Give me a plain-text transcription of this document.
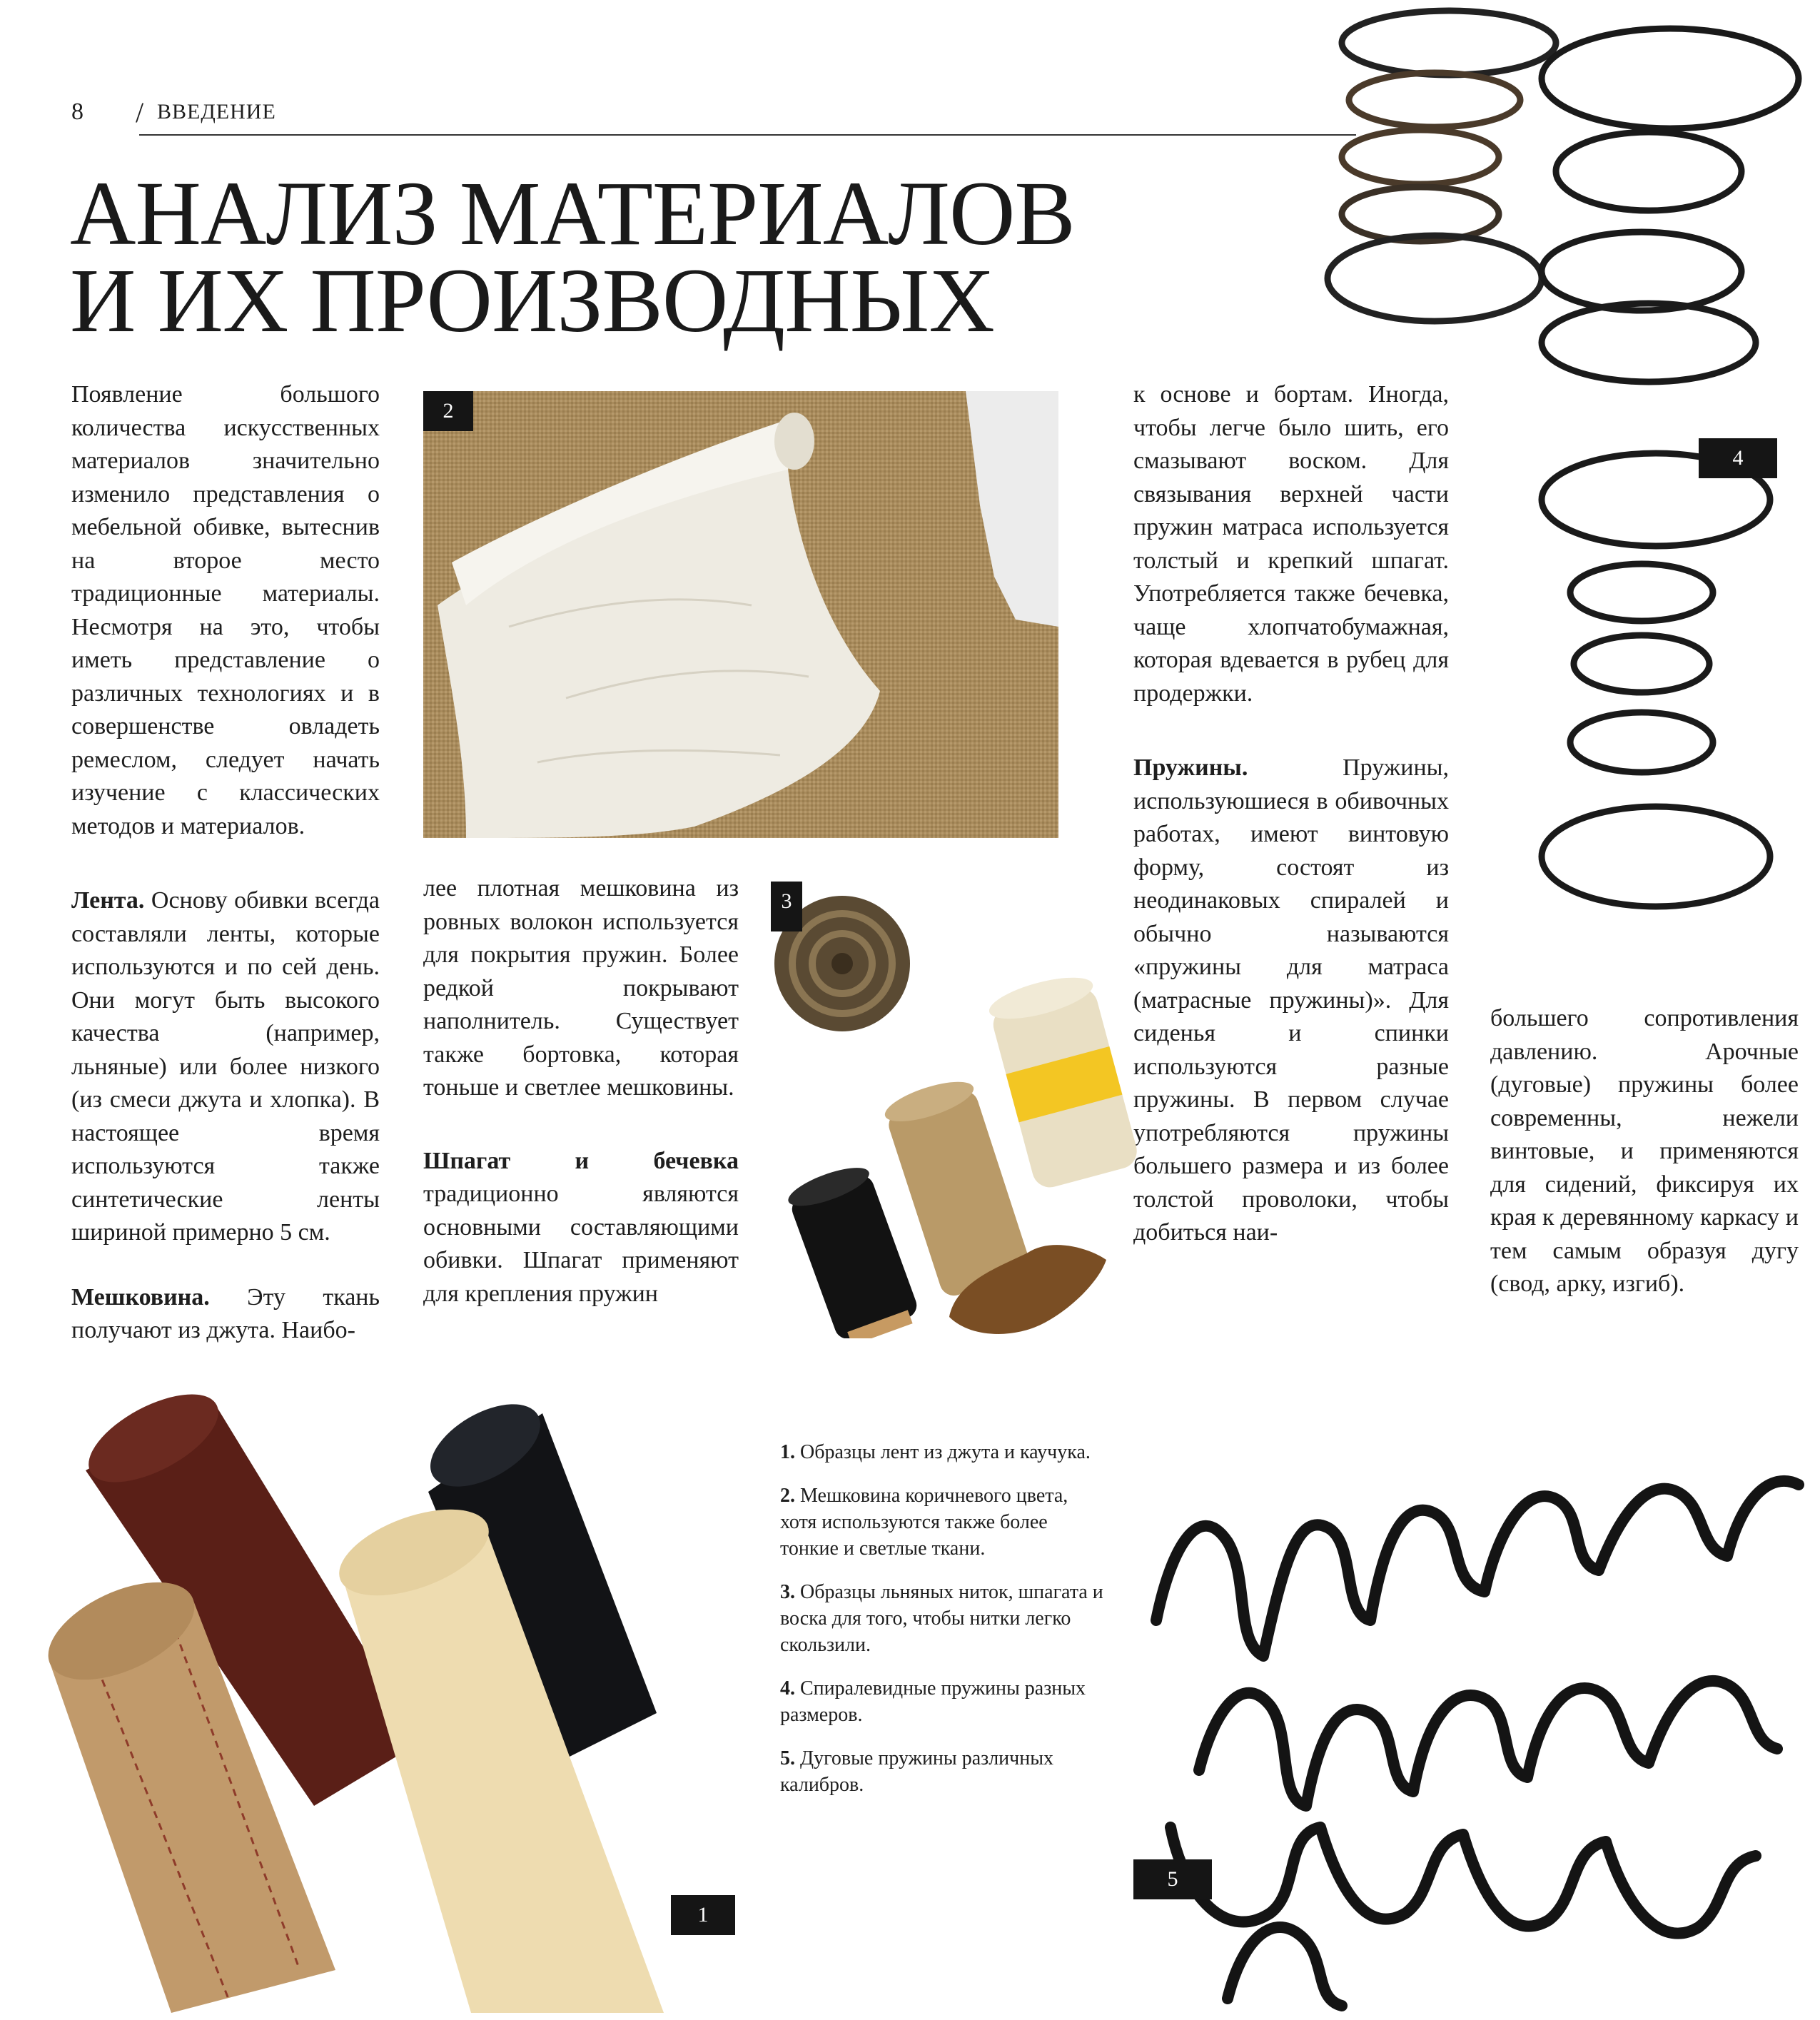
8 / ВВЕДЕНИЕ
АНАЛИЗ МАТЕРИАЛОВ
И ИХ ПРОИЗВОДНЫХ

Появление большого количества искусственных материалов значительно изменило представления о мебельной обивке, вытеснив на второе место традиционные материалы. Несмотря на это, чтобы иметь представление о различных технологиях и в совершенстве овладеть ремеслом, следует начать изучение с классических методов и материалов.

Лента. Основу обивки всегда составляли ленты, которые используются и по сей день. Они могут быть высокого качества (например, льняные) или более низкого (из смеси джута и хлопка). В настоящее время используются также синтетические ленты шириной примерно 5 см.

Мешковина. Эту ткань получают из джута. Наибо-

лее плотная мешковина из ровных волокон используется для покрытия пружин. Более редкой покрывают наполнитель. Существует также бортовка, которая тоньше и светлее мешковины.

Шпагат и бечевка традиционно являются основными составляющими обивки. Шпагат применяют для крепления пружин

к основе и бортам. Иногда, чтобы легче было шить, его смазывают воском. Для связывания верхней части пружин матраса используется толстый и крепкий шпагат. Употребляется также бечевка, чаще хлопчатобумажная, которая вдевается в рубец для продержки.

Пружины.	Пружины, используюшиеся в обивочных работах, имеют винтовую форму, состоят из неодинаковых спиралей и обычно называются «пружины для матраса (матрасные пружины)». Для сиденья и спинки используются разные пружины. В первом случае употребляются пружины большего размера и из более толстой проволоки, чтобы добиться наи-

большего сопротивления давлению. Арочные (дуговые) пружины более современны, нежели винтовые, и применяются для сидений, фиксируя их края к деревянному каркасу и тем самым образуя дугу (свод, арку, изгиб).

2
3
1
4
5

1. Образцы лент из джута и каучука.

2. Мешковина коричневого цвета, хотя используются также более тонкие и светлые ткани.

3. Образцы льняных ниток, шпагата и воска для того, чтобы нитки легко скользили.

4. Спиралевидные пружины разных размеров.

5. Дуговые пружины различных калибров.
